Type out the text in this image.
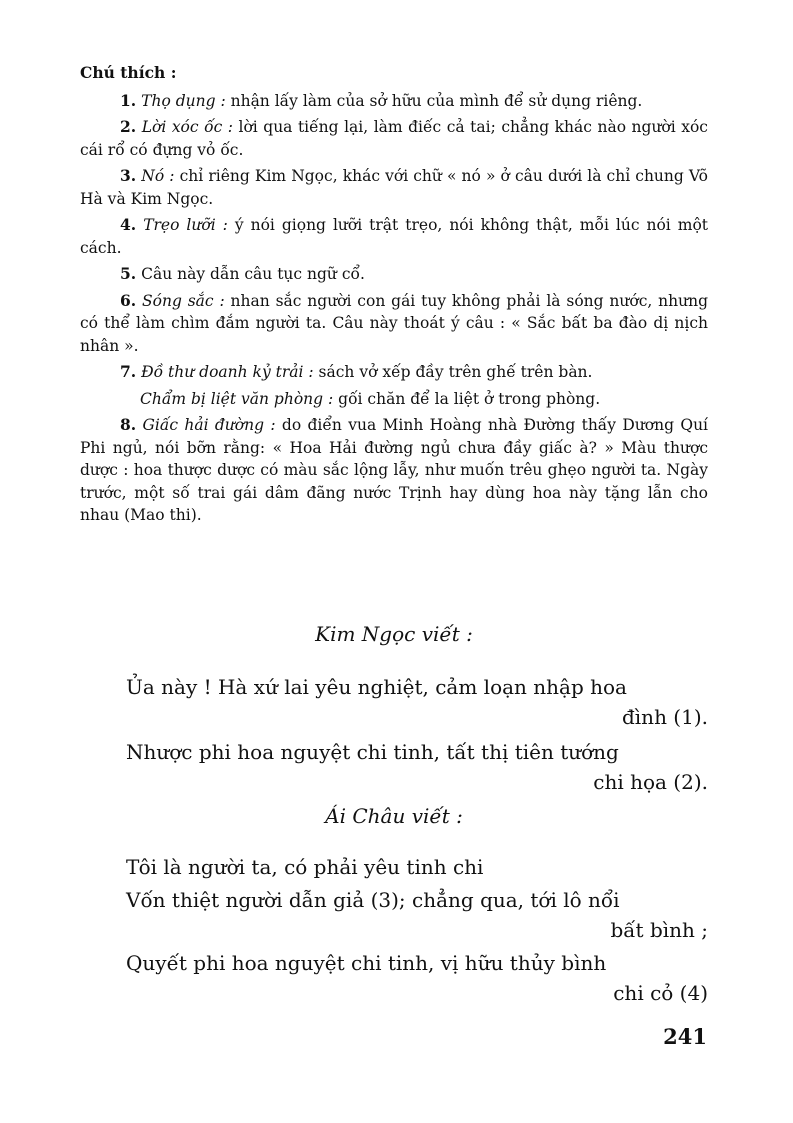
Chú thích :

1. Thọ dụng : nhận lấy làm của sở hữu của mình để sử dụng riêng.

2. Lời xóc ốc : lời qua tiếng lại, làm điếc cả tai; chẳng khác nào người xóc cái rổ có đựng vỏ ốc.

3. Nó : chỉ riêng Kim Ngọc, khác với chữ « nó » ở câu dưới là chỉ chung Võ Hà và Kim Ngọc.

4. Trẹo lưỡi : ý nói giọng lưỡi trật trẹo, nói không thật, mỗi lúc nói một cách.

5. Câu này dẫn câu tục ngữ cổ.

6. Sóng sắc : nhan sắc người con gái tuy không phải là sóng nước, nhưng có thể làm chìm đắm người ta. Câu này thoát ý câu : « Sắc bất ba đào dị nịch nhân ».

7. Đồ thư doanh kỷ trải : sách vở xếp đầy trên ghế trên bàn.

Chẩm bị liệt văn phòng : gối chăn để la liệt ở trong phòng.

8. Giấc hải đường : do điển vua Minh Hoàng nhà Đường thấy Dương Quí Phi ngủ, nói bỡn rằng: « Hoa Hải đường ngủ chưa đầy giấc à? » Màu thược dược : hoa thược dược có màu sắc lộng lẫy, như muốn trêu ghẹo người ta. Ngày trước, một số trai gái dâm đãng nước Trịnh hay dùng hoa này tặng lẫn cho nhau (Mao thi).

Kim Ngọc viết :
Ủa này ! Hà xứ lai yêu nghiệt, cảm loạn nhập hoa
đình (1).
Nhược phi hoa nguyệt chi tinh, tất thị tiên tướng
chi họa (2).
Ái Châu viết :
Tôi là người ta, có phải yêu tinh chi
Vốn thiệt người dẫn giả (3); chẳng qua, tới lô nổi
bất bình ;
Quyết phi hoa nguyệt chi tinh, vị hữu thủy bình
chi cỏ (4)
241
